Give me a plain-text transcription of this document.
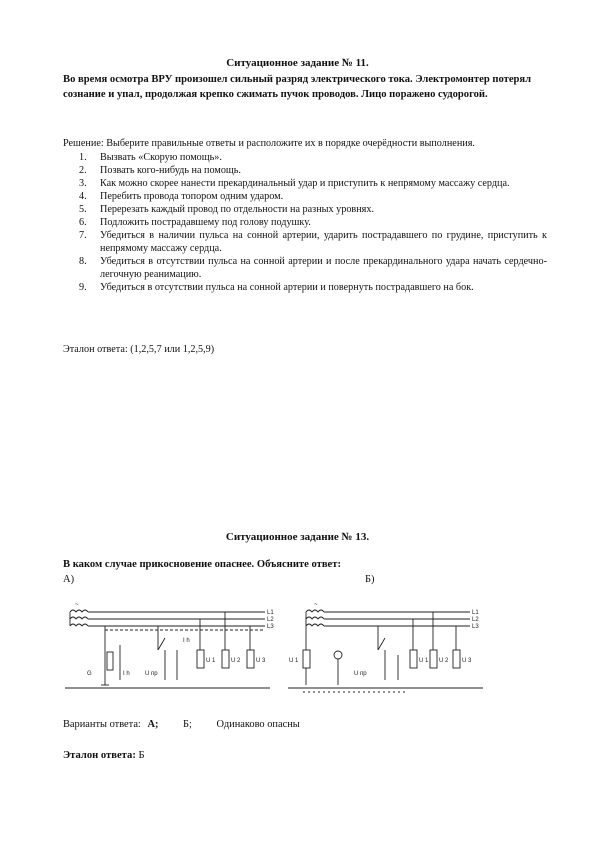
Ситуационное задание № 11.
Во время осмотра ВРУ произошел сильный разряд электрического тока. Электромонтер потерял сознание и упал, продолжая крепко сжимать пучок проводов. Лицо поражено судорогой.
Решение: Выберите правильные ответы и расположите их в порядке очерёдности выполнения.
1. Вызвать «Скорую помощь».
2. Позвать кого-нибудь на помощь.
3. Как можно скорее нанести прекардинальный удар и приступить к непрямому массажу сердца.
4. Перебить провода топором одним ударом.
5. Перерезать каждый провод по отдельности на разных уровнях.
6. Подложить пострадавшему под голову подушку.
7. Убедиться в наличии пульса на сонной артерии, ударить пострадавшего по грудине, приступить к непрямому массажу сердца.
8. Убедиться в отсутствии пульса на сонной артерии и после прекардинального удара начать сердечно-легочную реанимацию.
9. Убедиться в отсутствии пульса на сонной артерии и повернуть пострадавшего на бок.
Эталон ответа: (1,2,5,7 или 1,2,5,9)
Ситуационное задание № 13.
В каком случае прикосновение опаснее. Объясните ответ:
А)	Б)
~
L1
L2
L3
I h
G	U пр
I h
U 1	U 2	U 3
~
L1
L2
L3
U 1
U пр
U 1 U 2 U 3
Варианты ответа: А; Б; Одинаково опасны
Эталон ответа: Б
